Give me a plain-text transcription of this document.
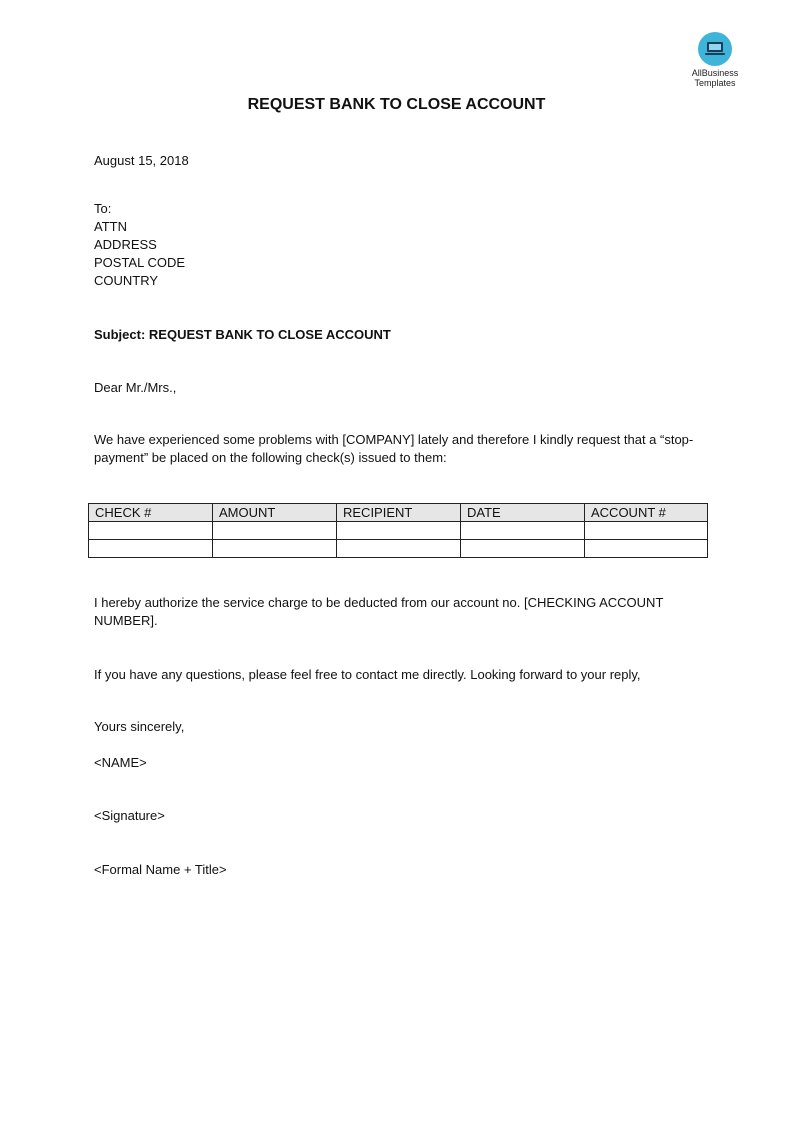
AllBusiness
Templates
REQUEST BANK TO CLOSE ACCOUNT
August 15, 2018
To:
ATTN
ADDRESS
POSTAL CODE
COUNTRY
Subject: REQUEST BANK TO CLOSE ACCOUNT
Dear Mr./Mrs.,
We have experienced some problems with [COMPANY] lately and therefore I kindly request that a “stop-payment” be placed on the following check(s) issued to them:
CHECK #	AMOUNT	RECIPIENT	DATE	ACCOUNT #

I hereby authorize the service charge to be deducted from our account no. [CHECKING ACCOUNT NUMBER].
If you have any questions, please feel free to contact me directly. Looking forward to your reply,
Yours sincerely,
<NAME>
<Signature>
<Formal Name + Title>
